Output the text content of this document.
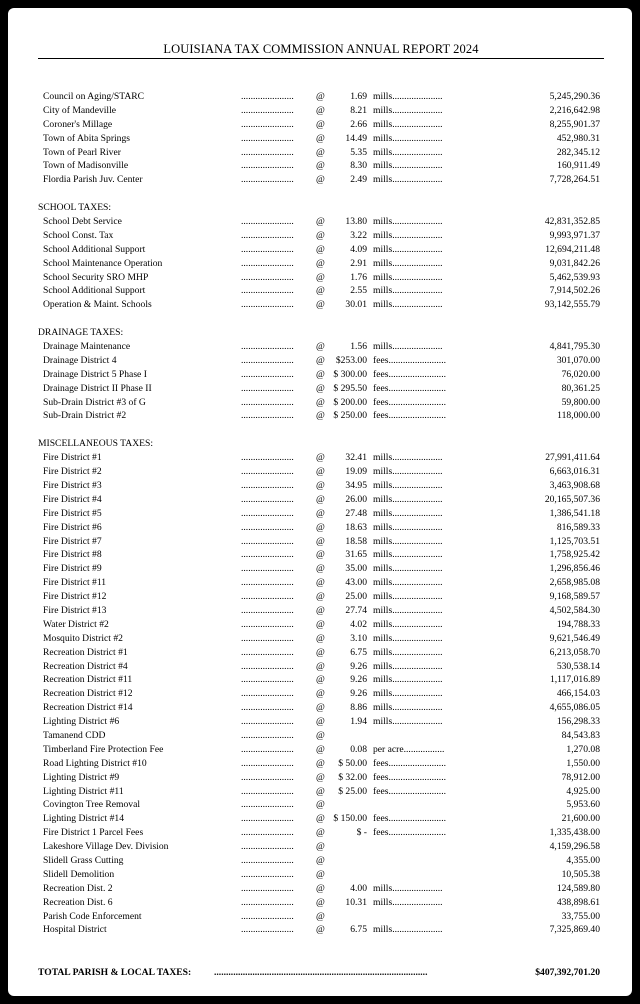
LOUISIANA TAX COMMISSION ANNUAL REPORT 2024
Council on Aging/STARC	......................	@	1.69 mills.....................	5,245,290.36
City of Mandeville	......................	@	8.21 mills.....................	2,216,642.98
Coroner's Millage	......................	@	2.66 mills.....................	8,255,901.37
Town of Abita Springs	......................	@ 14.49 mills.....................	452,980.31
Town of Pearl River	......................	@	5.35 mills.....................	282,345.12
Town of Madisonville	......................	@	8.30 mills.....................	160,911.49
Flordia Parish Juv. Center	......................	@	2.49 mills.....................	7,728,264.51
SCHOOL TAXES:
School Debt Service	......................	@ 13.80 mills.....................	42,831,352.85
School Const. Tax	......................	@	3.22 mills.....................	9,993,971.37
School Additional Support	......................	@	4.09 mills.....................	12,694,211.48
School Maintenance Operation	......................	@	2.91 mills.....................	9,031,842.26
School Security SRO MHP	......................	@	1.76 mills.....................	5,462,539.93
School Additional Support	......................	@	2.55 mills.....................	7,914,502.26
Operation & Maint. Schools	......................	@ 30.01 mills.....................	93,142,555.79
DRAINAGE TAXES:
Drainage Maintenance	......................	@	1.56 mills.....................	4,841,795.30
Drainage District 4	......................	@ $253.00 fees........................	301,070.00
Drainage District 5 Phase I	......................	@ $ 300.00 fees........................	76,020.00
Drainage District II Phase II	......................	@ $ 295.50 fees........................	80,361.25
Sub-Drain District #3 of G	......................	@ $ 200.00 fees........................	59,800.00
Sub-Drain District #2	......................	@ $ 250.00 fees........................	118,000.00
MISCELLANEOUS TAXES:
Fire District #1	......................	@ 32.41 mills.....................	27,991,411.64
Fire District #2	......................	@ 19.09 mills.....................	6,663,016.31
Fire District #3	......................	@ 34.95 mills.....................	3,463,908.68
Fire District #4	......................	@ 26.00 mills.....................	20,165,507.36
Fire District #5	......................	@ 27.48 mills.....................	1,386,541.18
Fire District #6	......................	@ 18.63 mills.....................	816,589.33
Fire District #7	......................	@ 18.58 mills.....................	1,125,703.51
Fire District #8	......................	@ 31.65 mills.....................	1,758,925.42
Fire District #9	......................	@ 35.00 mills.....................	1,296,856.46
Fire District #11	......................	@ 43.00 mills.....................	2,658,985.08
Fire District #12	......................	@ 25.00 mills.....................	9,168,589.57
Fire District #13	......................	@ 27.74 mills.....................	4,502,584.30
Water District #2	......................	@	4.02 mills.....................	194,788.33
Mosquito District #2	......................	@	3.10 mills.....................	9,621,546.49
Recreation District #1	......................	@	6.75 mills.....................	6,213,058.70
Recreation District #4	......................	@	9.26 mills.....................	530,538.14
Recreation District #11	......................	@	9.26 mills.....................	1,117,016.89
Recreation District #12	......................	@	9.26 mills.....................	466,154.03
Recreation District #14	......................	@	8.86 mills.....................	4,655,086.05
Lighting District #6	......................	@	1.94 mills.....................	156,298.33
Tamanend CDD	......................	@	84,543.83
Timberland Fire Protection Fee	......................	@	0.08 per acre.................	1,270.08
Road Lighting District #10	......................	@ $ 50.00 fees........................	1,550.00
Lighting District #9	......................	@ $ 32.00 fees........................	78,912.00
Lighting District #11	......................	@ $ 25.00 fees........................	4,925.00
Covington Tree Removal	......................	@	5,953.60
Lighting District #14	......................	@ $ 150.00 fees........................	21,600.00
Fire District 1 Parcel Fees	......................	@	$ - fees........................	1,335,438.00
Lakeshore Village Dev. Division	......................	@	4,159,296.58
Slidell Grass Cutting	......................	@	4,355.00
Slidell Demolition	......................	@	10,505.38
Recreation Dist. 2	......................	@	4.00 mills.....................	124,589.80
Recreation Dist. 6	......................	@ 10.31 mills.....................	438,898.61
Parish Code Enforcement	......................	@	33,755.00
Hospital District	......................	@	6.75 mills.....................	7,325,869.40
TOTAL PARISH & LOCAL TAXES: .........................................................................................	$407,392,701.20
